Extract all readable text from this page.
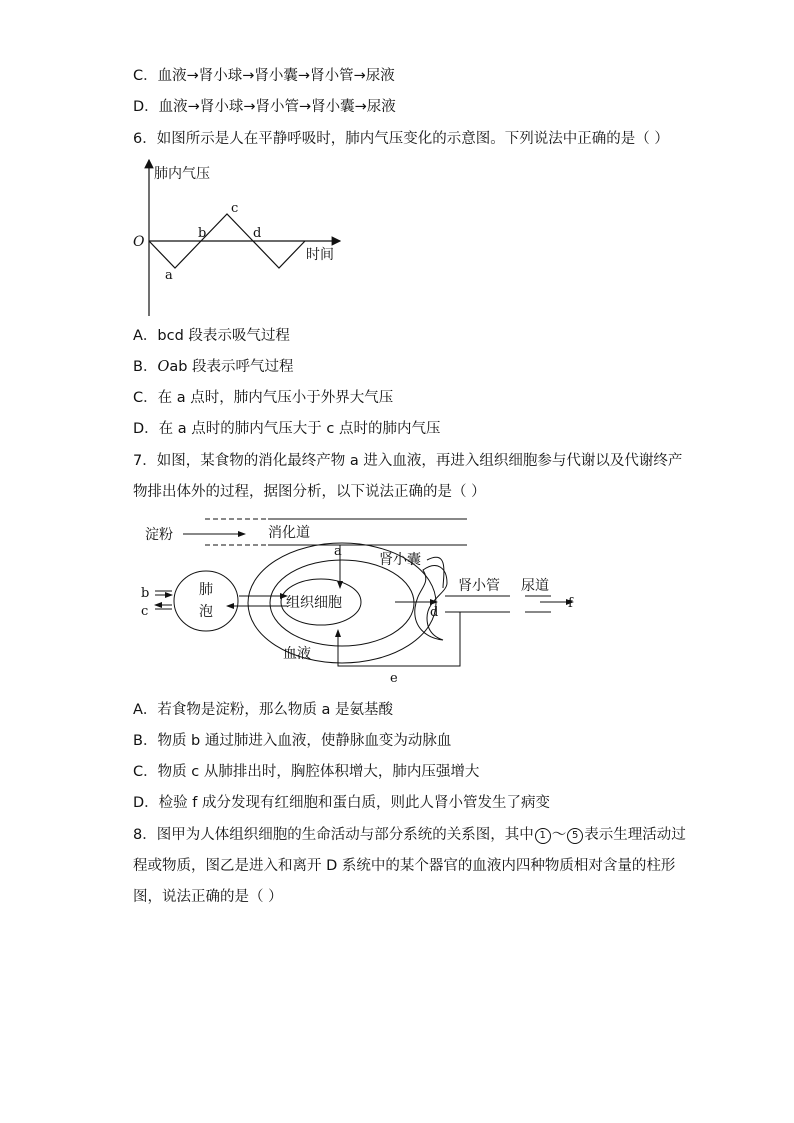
C．血液→肾小球→肾小囊→肾小管→尿液
D．血液→肾小球→肾小管→肾小囊→尿液
6．如图所示是人在平静呼吸时，肺内气压变化的示意图。下列说法中正确的是（ ）
肺内气压
时间
O
a
b
c
d
A．bcd 段表示吸气过程
B．Oab 段表示呼气过程
C．在 a 点时，肺内气压小于外界大气压
D．在 a 点时的肺内气压大于 c 点时的肺内气压
7．如图，某食物的消化最终产物 a 进入血液，再进入组织细胞参与代谢以及代谢终产
物排出体外的过程，据图分析，以下说法正确的是（ ）
淀粉	消化道
a
组织细胞
血液
肺
泡
b
c
肾小囊
d
肾小管 尿道
f
e
A．若食物是淀粉，那么物质 a 是氨基酸
B．物质 b 通过肺进入血液，使静脉血变为动脉血
C．物质 c 从肺排出时，胸腔体积增大，肺内压强增大
D．检验 f 成分发现有红细胞和蛋白质，则此人肾小管发生了病变
8．图甲为人体组织细胞的生命活动与部分系统的关系图，其中 1 ～ 5 表示生理活动过
程或物质，图乙是进入和离开 D 系统中的某个器官的血液内四种物质相对含量的柱形
图，说法正确的是（ ）
